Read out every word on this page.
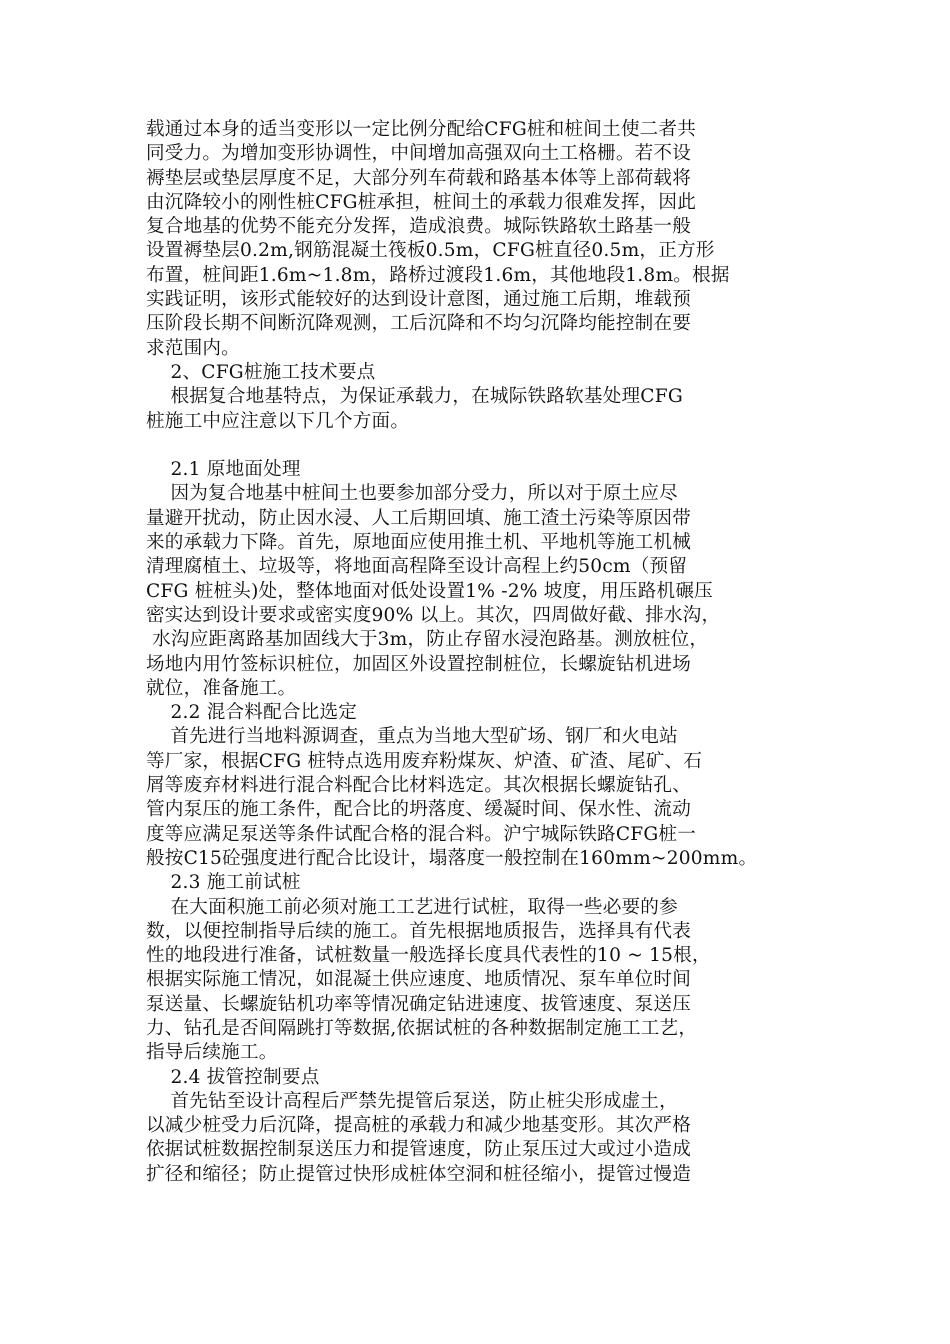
载通过本身的适当变形以一定比例分配给CFG桩和桩间土使二者共
同受力。为增加变形协调性，中间增加高强双向土工格栅。若不设
褥垫层或垫层厚度不足，大部分列车荷载和路基本体等上部荷载将
由沉降较小的刚性桩CFG桩承担，桩间土的承载力很难发挥，因此
复合地基的优势不能充分发挥，造成浪费。城际铁路软土路基一般
设置褥垫层0.2m,钢筋混凝土筏板0.5m，CFG桩直径0.5m，正方形
布置，桩间距1.6m~1.8m，路桥过渡段1.6m，其他地段1.8m。根据
实践证明，该形式能较好的达到设计意图，通过施工后期，堆载预
压阶段长期不间断沉降观测，工后沉降和不均匀沉降均能控制在要
求范围内。
2、CFG桩施工技术要点
根据复合地基特点，为保证承载力，在城际铁路软基处理CFG
桩施工中应注意以下几个方面。
2.1 原地面处理
因为复合地基中桩间土也要参加部分受力，所以对于原土应尽
量避开扰动，防止因水浸、人工后期回填、施工渣土污染等原因带
来的承载力下降。首先，原地面应使用推土机、平地机等施工机械
清理腐植土、垃圾等，将地面高程降至设计高程上约50cm（预留
CFG 桩桩头)处，整体地面对低处设置1% -2% 坡度，用压路机碾压
密实达到设计要求或密实度90% 以上。其次，四周做好截、排水沟，
水沟应距离路基加固线大于3m，防止存留水浸泡路基。测放桩位，
场地内用竹签标识桩位，加固区外设置控制桩位，长螺旋钻机进场
就位，准备施工。
2.2 混合料配合比选定
首先进行当地料源调查，重点为当地大型矿场、钢厂和火电站
等厂家，根据CFG 桩特点选用废弃粉煤灰、炉渣、矿渣、尾矿、石
屑等废弃材料进行混合料配合比材料选定。其次根据长螺旋钻孔、
管内泵压的施工条件，配合比的坍落度、缓凝时间、保水性、流动
度等应满足泵送等条件试配合格的混合料。沪宁城际铁路CFG桩一
般按C15砼强度进行配合比设计，塌落度一般控制在160mm~200mm。
2.3 施工前试桩
在大面积施工前必须对施工工艺进行试桩，取得一些必要的参
数，以便控制指导后续的施工。首先根据地质报告，选择具有代表
性的地段进行准备，试桩数量一般选择长度具代表性的10 ~ 15根，
根据实际施工情况，如混凝土供应速度、地质情况、泵车单位时间
泵送量、长螺旋钻机功率等情况确定钻进速度、拔管速度、泵送压
力、钻孔是否间隔跳打等数据,依据试桩的各种数据制定施工工艺，
指导后续施工。
2.4 拔管控制要点
首先钻至设计高程后严禁先提管后泵送，防止桩尖形成虚土，
以减少桩受力后沉降，提高桩的承载力和减少地基变形。其次严格
依据试桩数据控制泵送压力和提管速度，防止泵压过大或过小造成
扩径和缩径；防止提管过快形成桩体空洞和桩径缩小，提管过慢造
